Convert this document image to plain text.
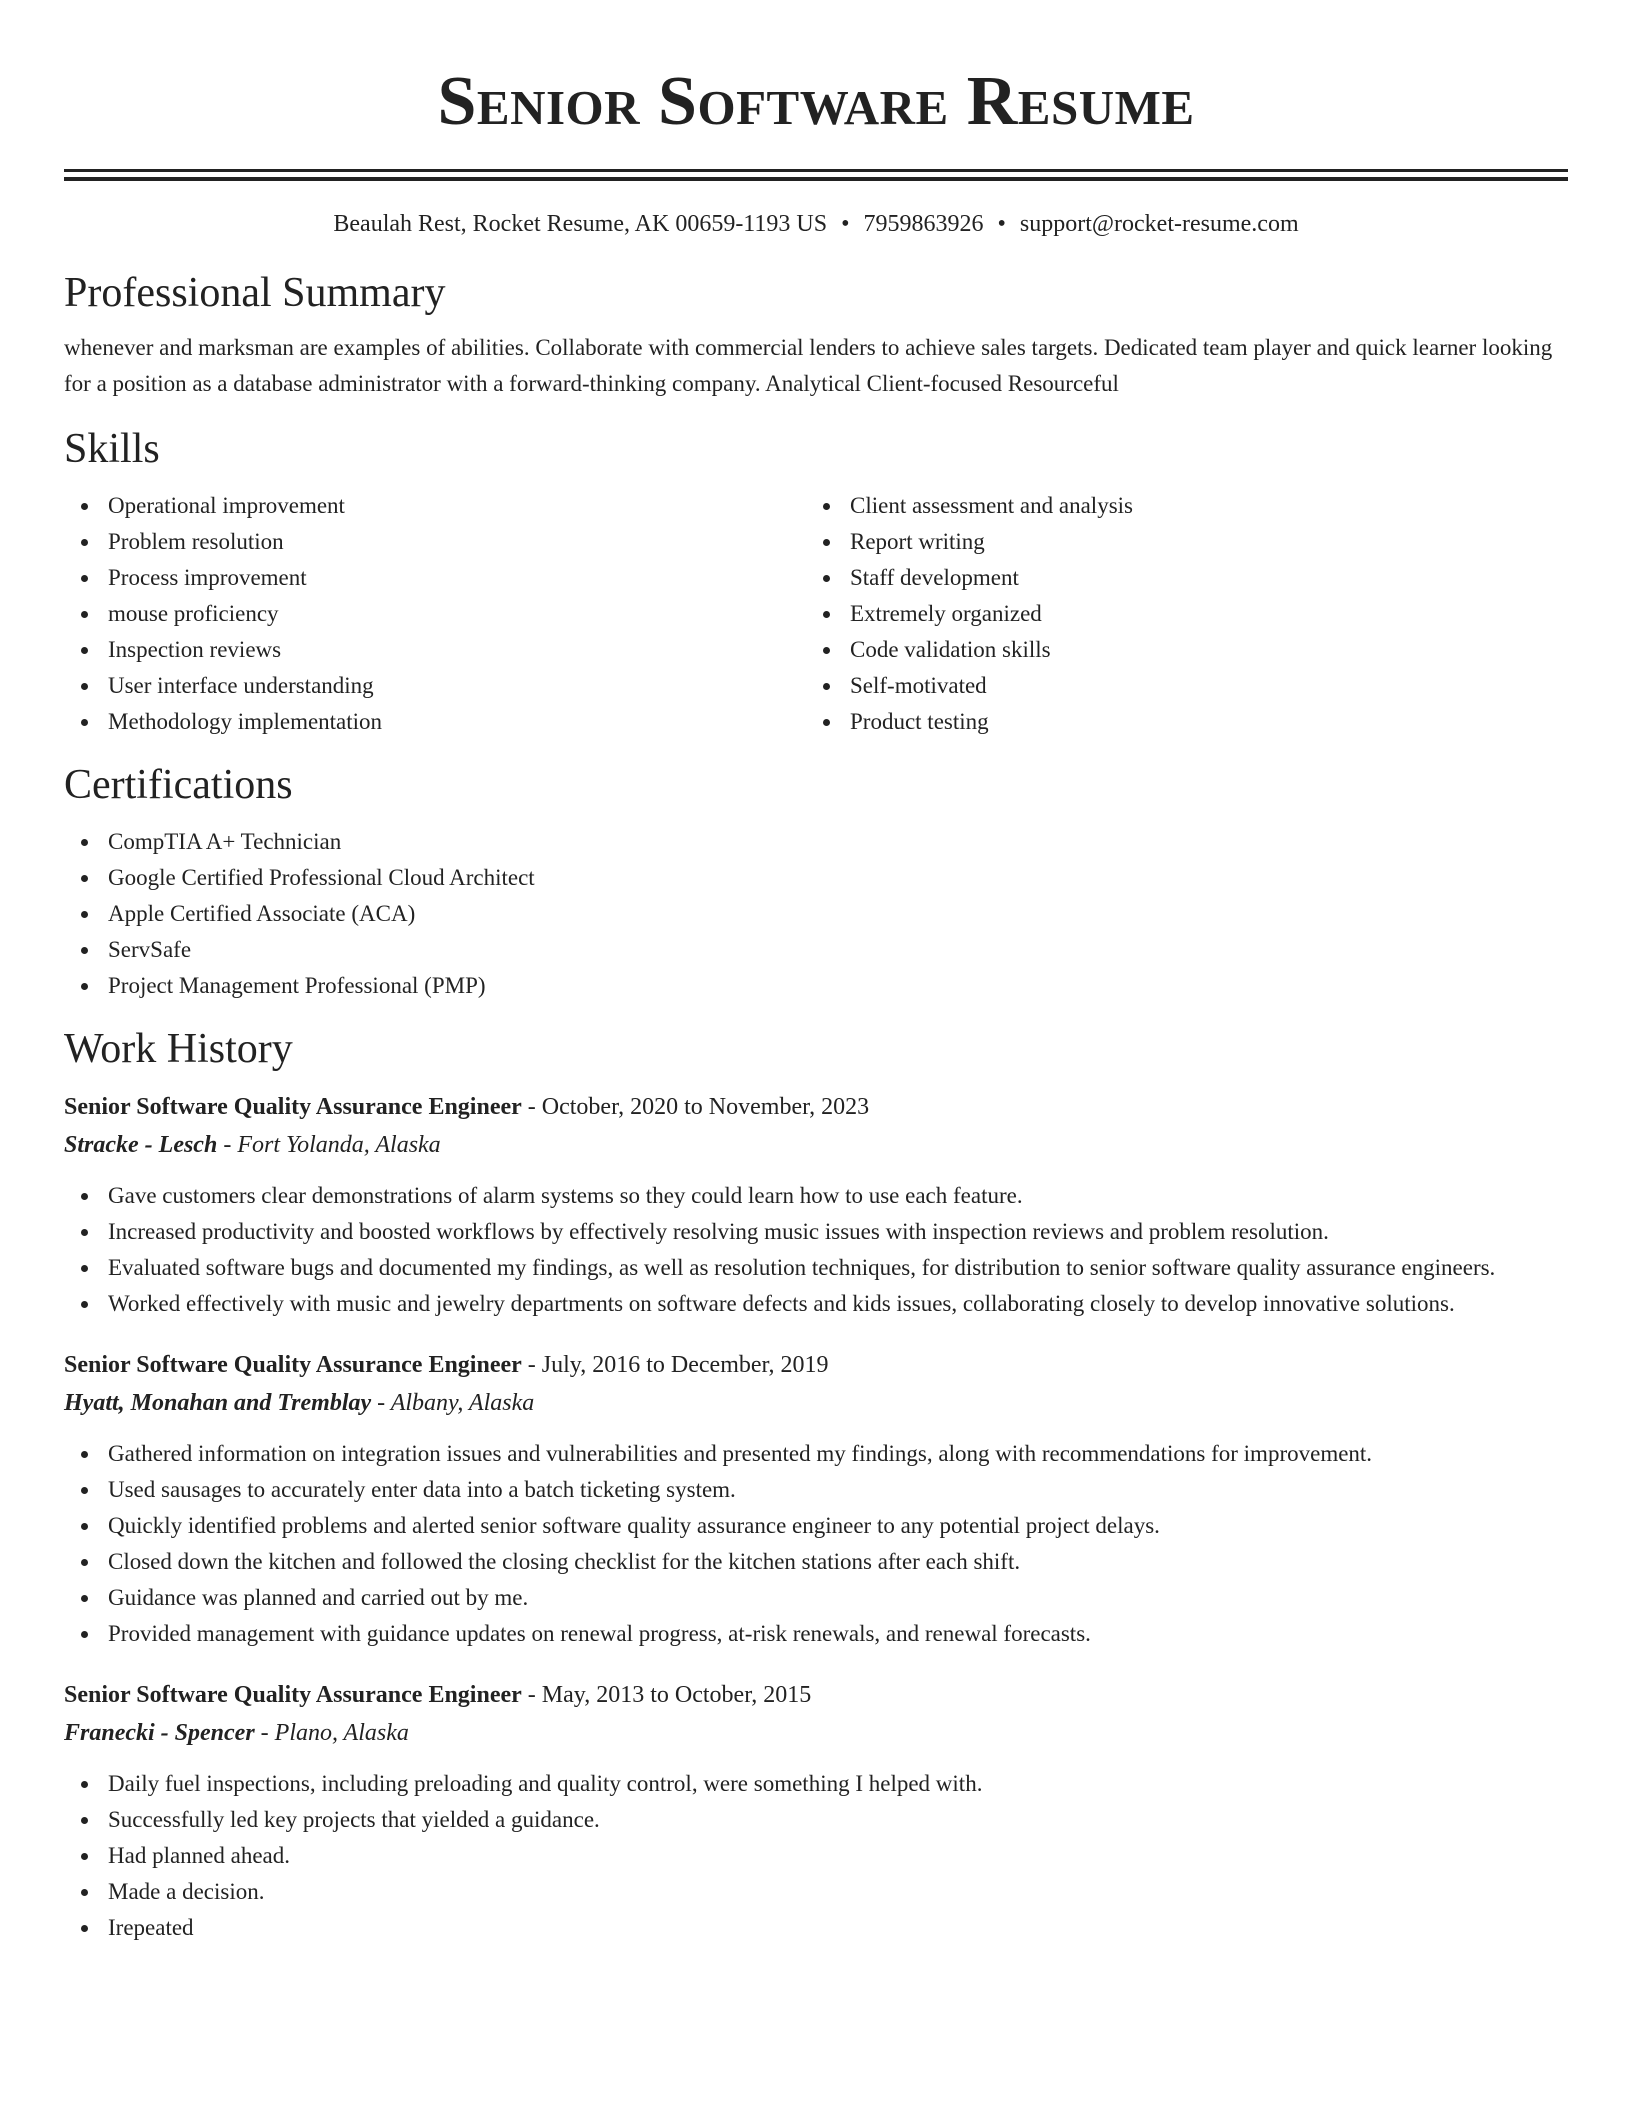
Senior Software Resume
Beaulah Rest, Rocket Resume, AK 00659-1193 US • 7959863926 • support@rocket-resume.com
Professional Summary

whenever and marksman are examples of abilities. Collaborate with commercial lenders to achieve sales targets. Dedicated team player and quick learner looking for a position as a database administrator with a forward-thinking company. Analytical Client-focused Resourceful

Skills
Operational improvement
Problem resolution
Process improvement
mouse proficiency
Inspection reviews
User interface understanding
Methodology implementation
Client assessment and analysis
Report writing
Staff development
Extremely organized
Code validation skills
Self-motivated
Product testing
Certifications
CompTIA A+ Technician
Google Certified Professional Cloud Architect
Apple Certified Associate (ACA)
ServSafe
Project Management Professional (PMP)
Work History
Senior Software Quality Assurance Engineer - October, 2020 to November, 2023
Stracke - Lesch - Fort Yolanda, Alaska
Gave customers clear demonstrations of alarm systems so they could learn how to use each feature.
Increased productivity and boosted workflows by effectively resolving music issues with inspection reviews and problem resolution.
Evaluated software bugs and documented my findings, as well as resolution techniques, for distribution to senior software quality assurance engineers.
Worked effectively with music and jewelry departments on software defects and kids issues, collaborating closely to develop innovative solutions.
Senior Software Quality Assurance Engineer - July, 2016 to December, 2019
Hyatt, Monahan and Tremblay - Albany, Alaska
Gathered information on integration issues and vulnerabilities and presented my findings, along with recommendations for improvement.
Used sausages to accurately enter data into a batch ticketing system.
Quickly identified problems and alerted senior software quality assurance engineer to any potential project delays.
Closed down the kitchen and followed the closing checklist for the kitchen stations after each shift.
Guidance was planned and carried out by me.
Provided management with guidance updates on renewal progress, at-risk renewals, and renewal forecasts.
Senior Software Quality Assurance Engineer - May, 2013 to October, 2015
Franecki - Spencer - Plano, Alaska
Daily fuel inspections, including preloading and quality control, were something I helped with.
Successfully led key projects that yielded a guidance.
Had planned ahead.
Made a decision.
Irepeated
